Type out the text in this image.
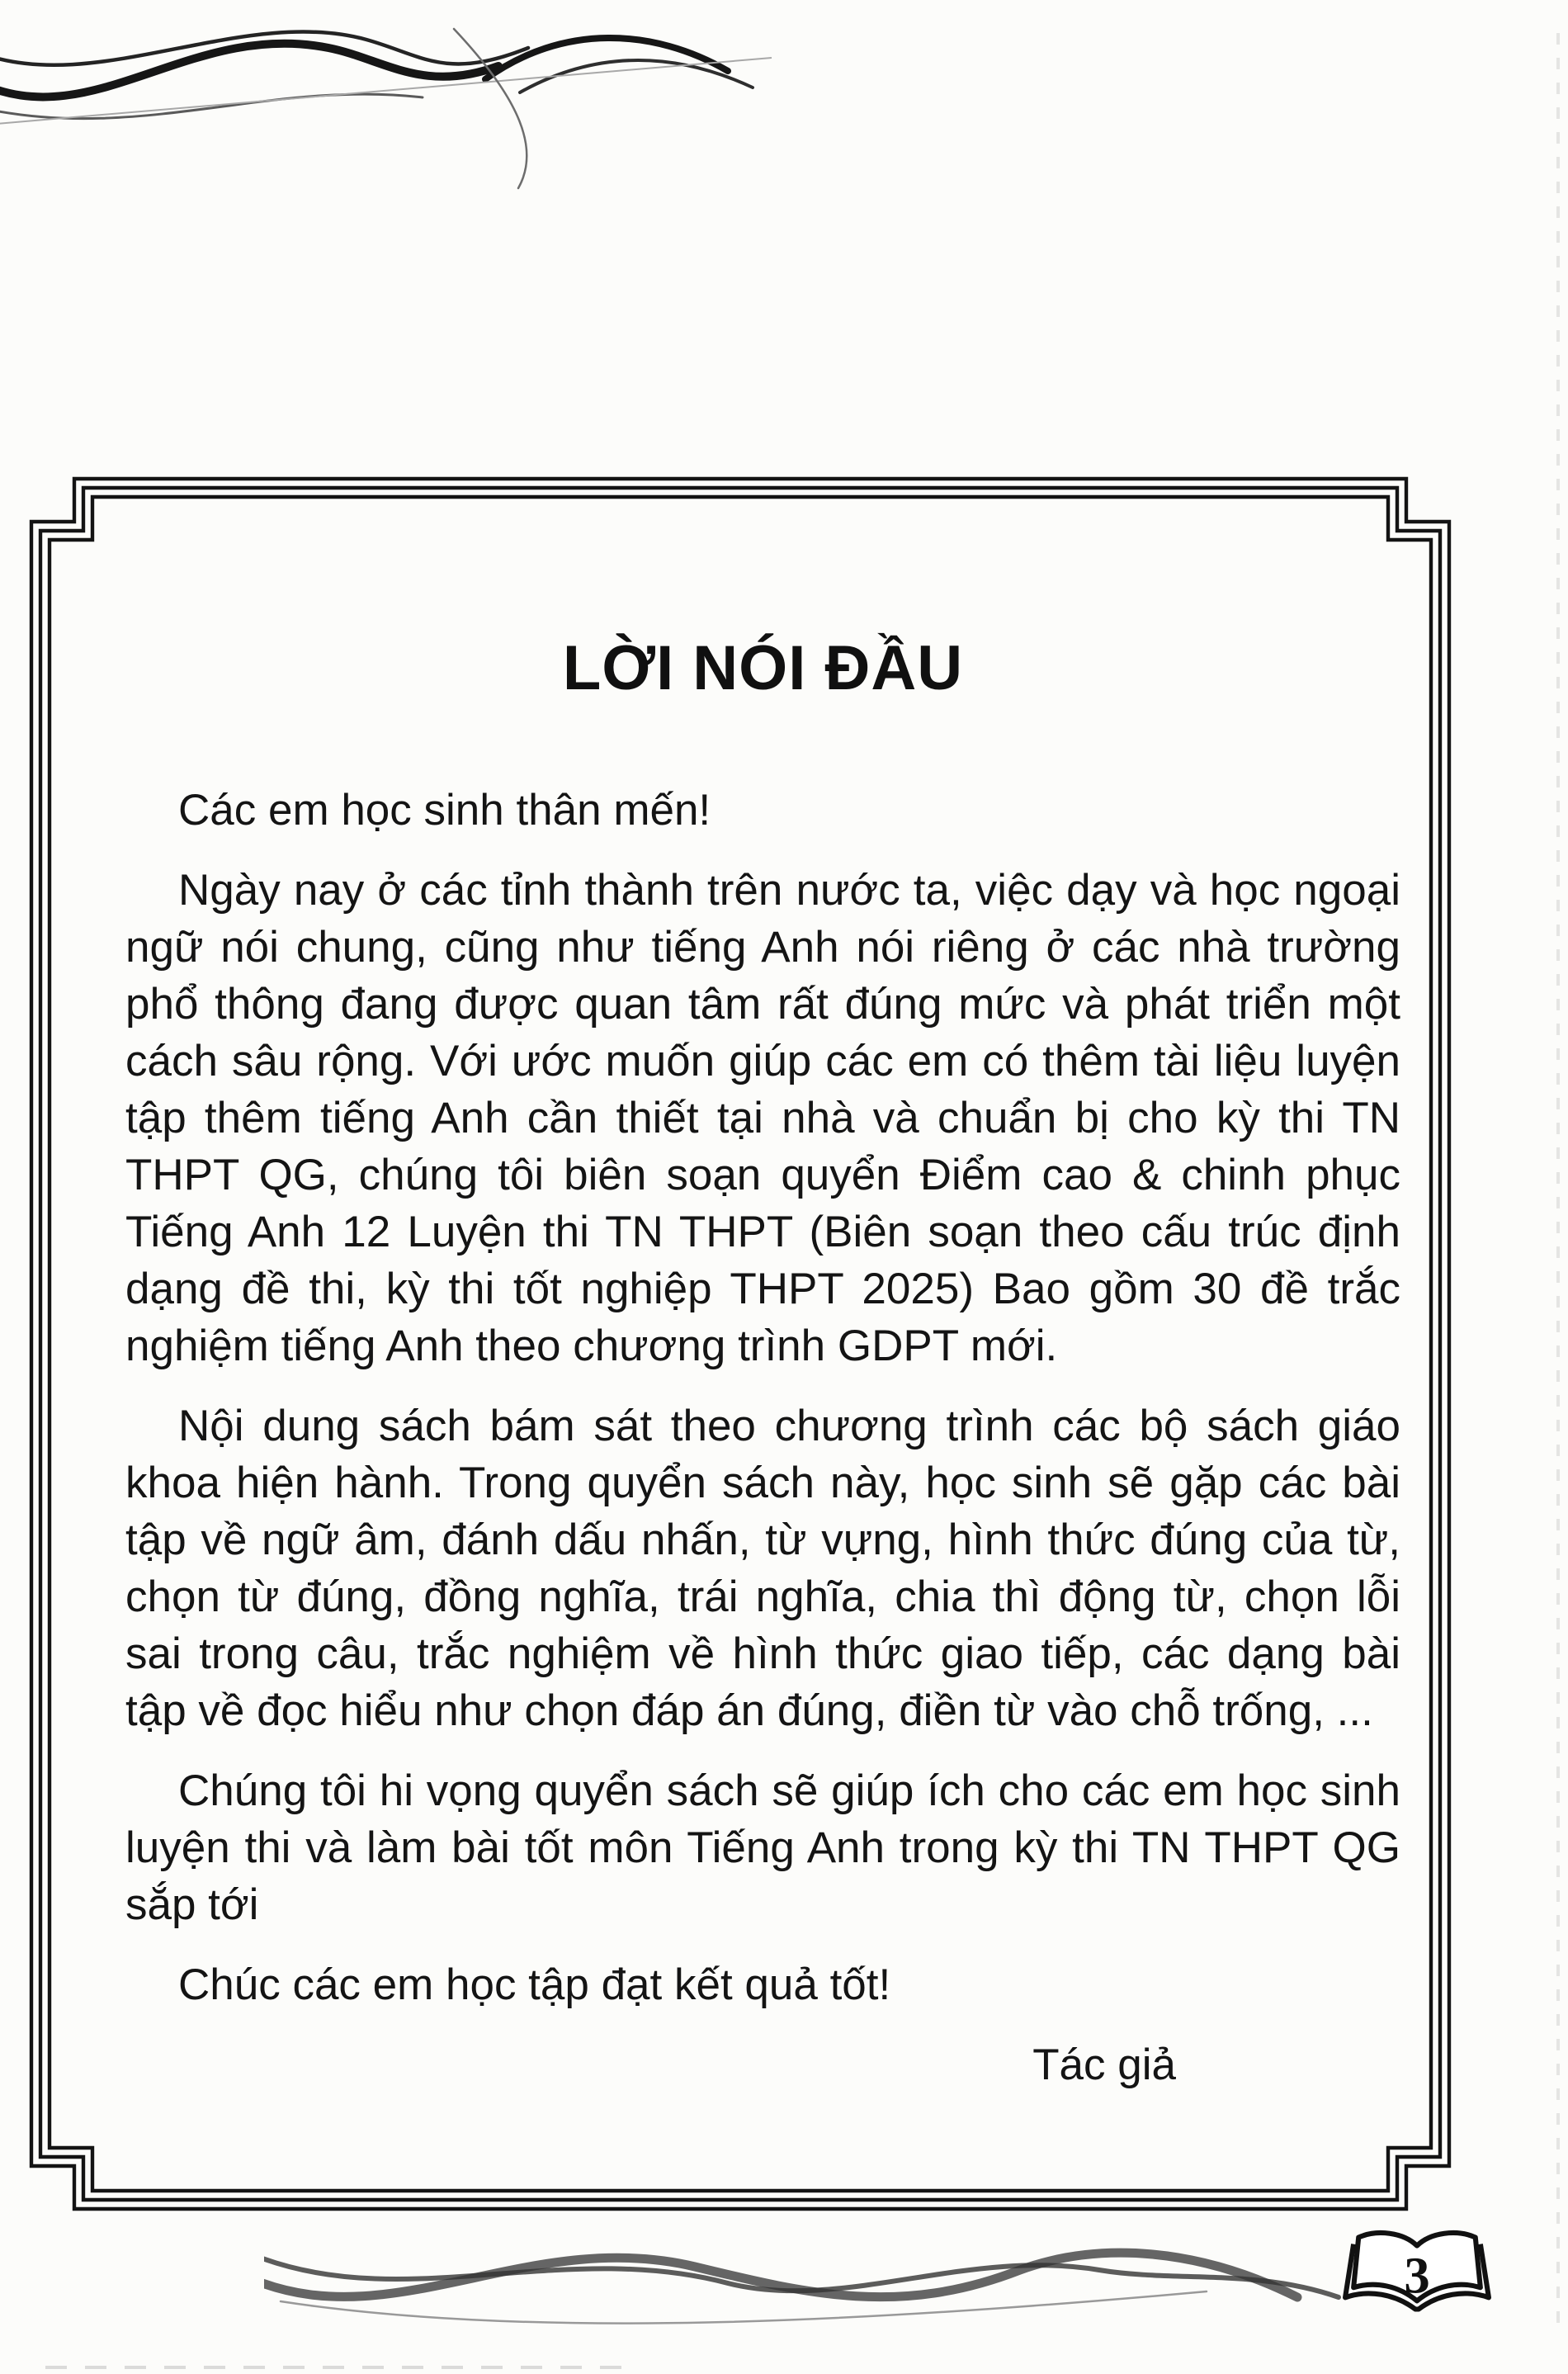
LỜI NÓI ĐẦU

Các em học sinh thân mến!

Ngày nay ở các tỉnh thành trên nước ta, việc dạy và học ngoại ngữ nói chung, cũng như tiếng Anh nói riêng ở các nhà trường phổ thông đang được quan tâm rất đúng mức và phát triển một cách sâu rộng. Với ước muốn giúp các em có thêm tài liệu luyện tập thêm tiếng Anh cần thiết tại nhà và chuẩn bị cho kỳ thi TN THPT QG, chúng tôi biên soạn quyển Điểm cao & chinh phục Tiếng Anh 12 Luyện thi TN THPT (Biên soạn theo cấu trúc định dạng đề thi, kỳ thi tốt nghiệp THPT 2025) Bao gồm 30 đề trắc nghiệm tiếng Anh theo chương trình GDPT mới.

Nội dung sách bám sát theo chương trình các bộ sách giáo khoa hiện hành. Trong quyển sách này, học sinh sẽ gặp các bài tập về ngữ âm, đánh dấu nhấn, từ vựng, hình thức đúng của từ, chọn từ đúng, đồng nghĩa, trái nghĩa, chia thì động từ, chọn lỗi sai trong câu, trắc nghiệm về hình thức giao tiếp, các dạng bài tập về đọc hiểu như chọn đáp án đúng, điền từ vào chỗ trống, ...

Chúng tôi hi vọng quyển sách sẽ giúp ích cho các em học sinh luyện thi và làm bài tốt môn Tiếng Anh trong kỳ thi TN THPT QG sắp tới

Chúc các em học tập đạt kết quả tốt!

Tác giả
3
